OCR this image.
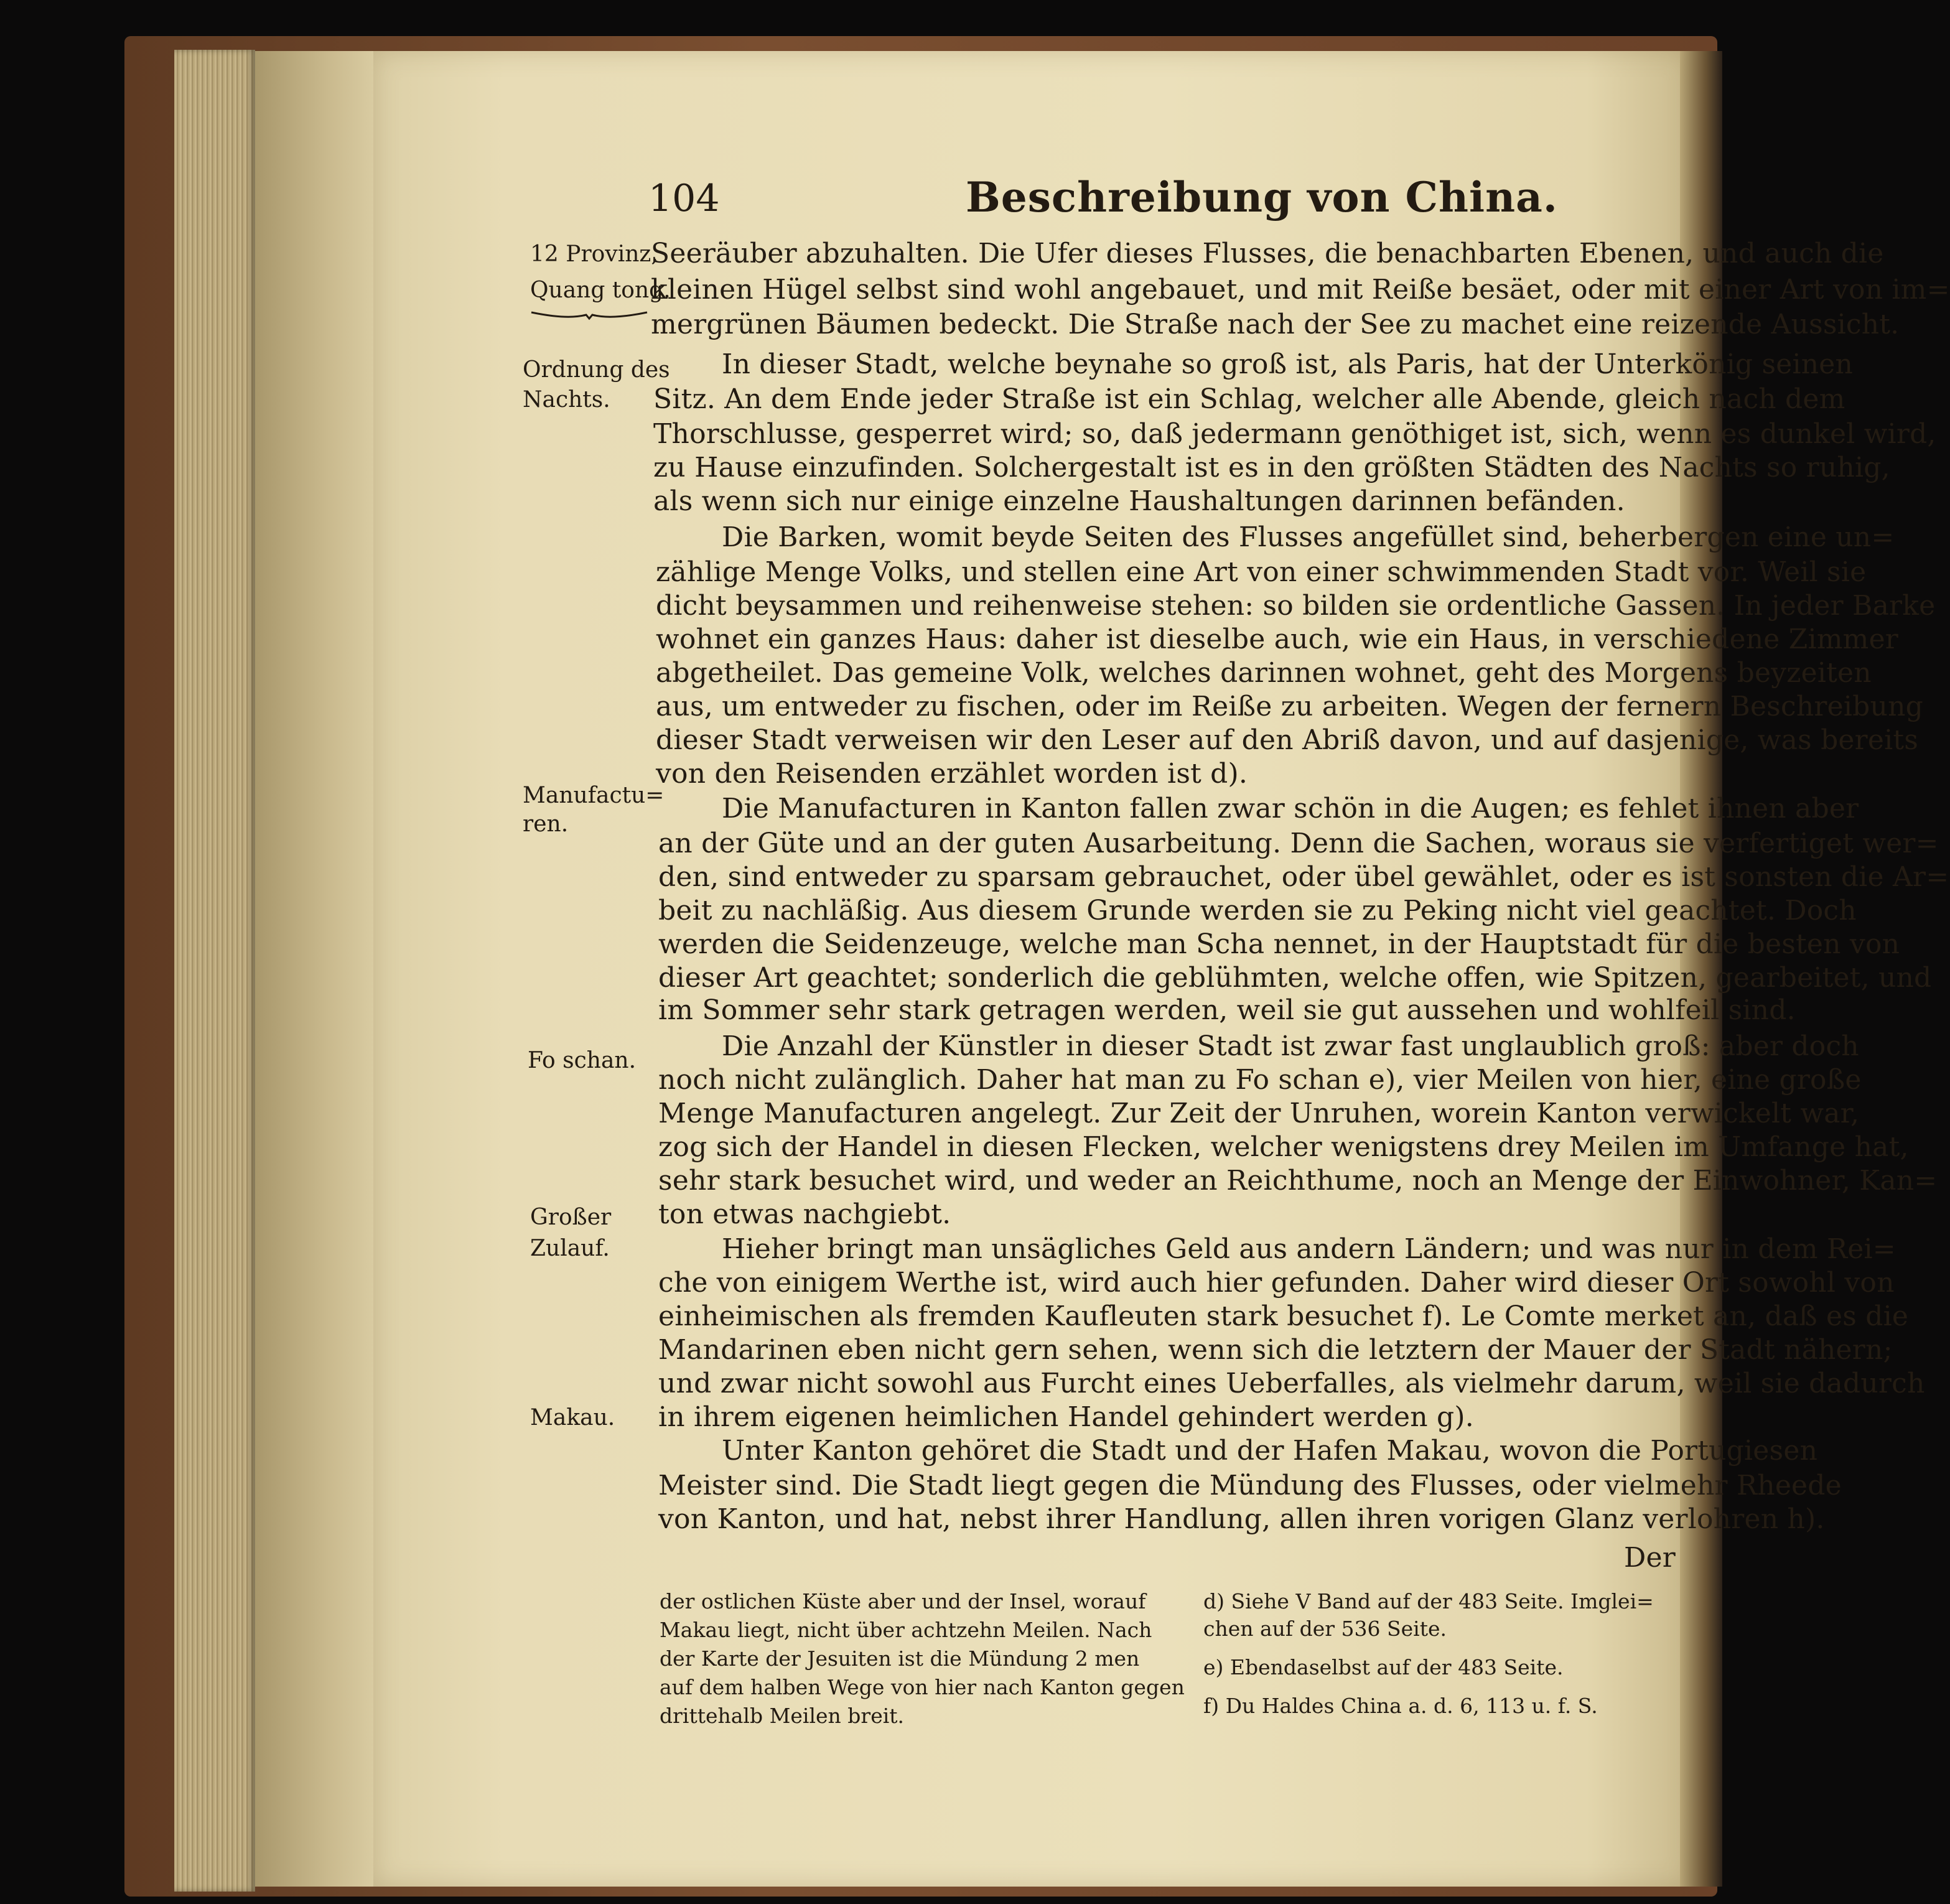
104	Beschreibung von China.
12 Provinz,
Quang tong.
Ordnung des
Nachts.
Manufactu=
ren.
Fo schan.
Großer
Zulauf.
Makau.
Seeräuber abzuhalten. Die Ufer dieses Flusses, die benachbarten Ebenen, und auch die
kleinen Hügel selbst sind wohl angebauet, und mit Reiße besäet, oder mit einer Art von im=
mergrünen Bäumen bedeckt. Die Straße nach der See zu machet eine reizende Aussicht.
In dieser Stadt, welche beynahe so groß ist, als Paris, hat der Unterkönig seinen
Sitz. An dem Ende jeder Straße ist ein Schlag, welcher alle Abende, gleich nach dem
Thorschlusse, gesperret wird; so, daß jedermann genöthiget ist, sich, wenn es dunkel wird,
zu Hause einzufinden. Solchergestalt ist es in den größten Städten des Nachts so ruhig,
als wenn sich nur einige einzelne Haushaltungen darinnen befänden.
Die Barken, womit beyde Seiten des Flusses angefüllet sind, beherbergen eine un=
zählige Menge Volks, und stellen eine Art von einer schwimmenden Stadt vor. Weil sie
dicht beysammen und reihenweise stehen: so bilden sie ordentliche Gassen. In jeder Barke
wohnet ein ganzes Haus: daher ist dieselbe auch, wie ein Haus, in verschiedene Zimmer
abgetheilet. Das gemeine Volk, welches darinnen wohnet, geht des Morgens beyzeiten
aus, um entweder zu fischen, oder im Reiße zu arbeiten. Wegen der fernern Beschreibung
dieser Stadt verweisen wir den Leser auf den Abriß davon, und auf dasjenige, was bereits
von den Reisenden erzählet worden ist d).
Die Manufacturen in Kanton fallen zwar schön in die Augen; es fehlet ihnen aber
an der Güte und an der guten Ausarbeitung. Denn die Sachen, woraus sie verfertiget wer=
den, sind entweder zu sparsam gebrauchet, oder übel gewählet, oder es ist sonsten die Ar=
beit zu nachläßig. Aus diesem Grunde werden sie zu Peking nicht viel geachtet. Doch
werden die Seidenzeuge, welche man Scha nennet, in der Hauptstadt für die besten von
dieser Art geachtet; sonderlich die geblühmten, welche offen, wie Spitzen, gearbeitet, und
im Sommer sehr stark getragen werden, weil sie gut aussehen und wohlfeil sind.
Die Anzahl der Künstler in dieser Stadt ist zwar fast unglaublich groß: aber doch
noch nicht zulänglich. Daher hat man zu Fo schan e), vier Meilen von hier, eine große
Menge Manufacturen angelegt. Zur Zeit der Unruhen, worein Kanton verwickelt war,
zog sich der Handel in diesen Flecken, welcher wenigstens drey Meilen im Umfange hat,
sehr stark besuchet wird, und weder an Reichthume, noch an Menge der Einwohner, Kan=
ton etwas nachgiebt.
Hieher bringt man unsägliches Geld aus andern Ländern; und was nur in dem Rei=
che von einigem Werthe ist, wird auch hier gefunden. Daher wird dieser Ort sowohl von
einheimischen als fremden Kaufleuten stark besuchet f). Le Comte merket an, daß es die
Mandarinen eben nicht gern sehen, wenn sich die letztern der Mauer der Stadt nähern;
und zwar nicht sowohl aus Furcht eines Ueberfalles, als vielmehr darum, weil sie dadurch
in ihrem eigenen heimlichen Handel gehindert werden g).
Unter Kanton gehöret die Stadt und der Hafen Makau, wovon die Portugiesen
Meister sind. Die Stadt liegt gegen die Mündung des Flusses, oder vielmehr Rheede
von Kanton, und hat, nebst ihrer Handlung, allen ihren vorigen Glanz verlohren h).
Der
der ostlichen Küste aber und der Insel, worauf
Makau liegt, nicht über achtzehn Meilen. Nach
der Karte der Jesuiten ist die Mündung 2 men
auf dem halben Wege von hier nach Kanton gegen
drittehalb Meilen breit.
d) Siehe V Band auf der 483 Seite. Imglei=
chen auf der 536 Seite.
e) Ebendaselbst auf der 483 Seite.
f) Du Haldes China a. d. 6, 113 u. f. S.
